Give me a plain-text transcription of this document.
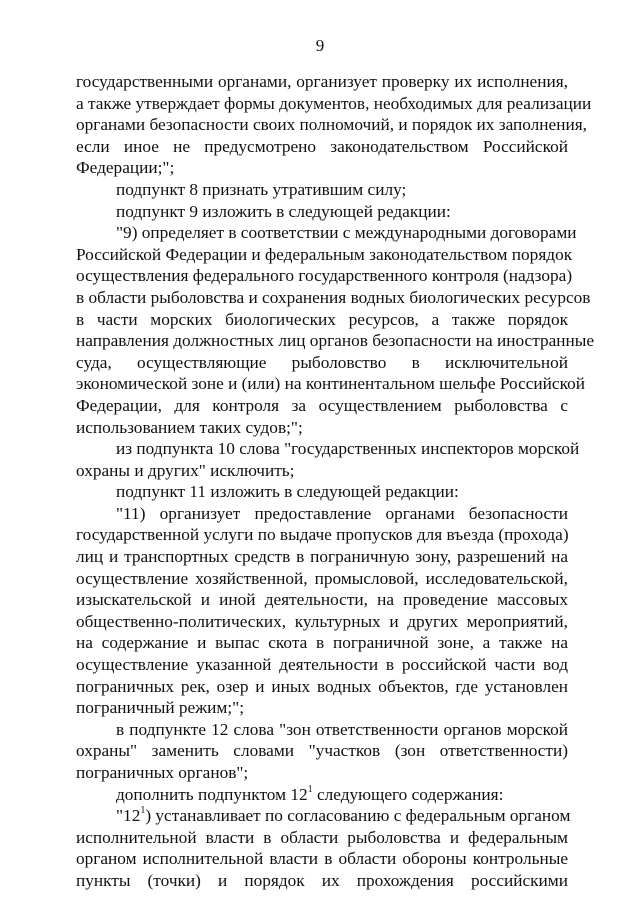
9
государственными органами, организует проверку их исполнения,
а также утверждает формы документов, необходимых для реализации
органами безопасности своих полномочий, и порядок их заполнения,
если иное не предусмотрено законодательством Российской
Федерации;";
подпункт 8 признать утратившим силу;
подпункт 9 изложить в следующей редакции:
"9) определяет в соответствии с международными договорами
Российской Федерации и федеральным законодательством порядок
осуществления федерального государственного контроля (надзора)
в области рыболовства и сохранения водных биологических ресурсов
в части морских биологических ресурсов, а также порядок
направления должностных лиц органов безопасности на иностранные
суда, осуществляющие рыболовство в исключительной
экономической зоне и (или) на континентальном шельфе Российской
Федерации, для контроля за осуществлением рыболовства с
использованием таких судов;";
из подпункта 10 слова "государственных инспекторов морской
охраны и других" исключить;
подпункт 11 изложить в следующей редакции:
"11) организует предоставление органами безопасности
государственной услуги по выдаче пропусков для въезда (прохода)
лиц и транспортных средств в пограничную зону, разрешений на
осуществление хозяйственной, промысловой, исследовательской,
изыскательской и иной деятельности, на проведение массовых
общественно-политических, культурных и других мероприятий,
на содержание и выпас скота в пограничной зоне, а также на
осуществление указанной деятельности в российской части вод
пограничных рек, озер и иных водных объектов, где установлен
пограничный режим;";
в подпункте 12 слова "зон ответственности органов морской
охраны" заменить словами "участков (зон ответственности)
пограничных органов";
дополнить подпунктом $12^1$ следующего содержания:
"$12^1$) устанавливает по согласованию с федеральным органом
исполнительной власти в области рыболовства и федеральным
органом исполнительной власти в области обороны контрольные
пункты (точки) и порядок их прохождения российскими
